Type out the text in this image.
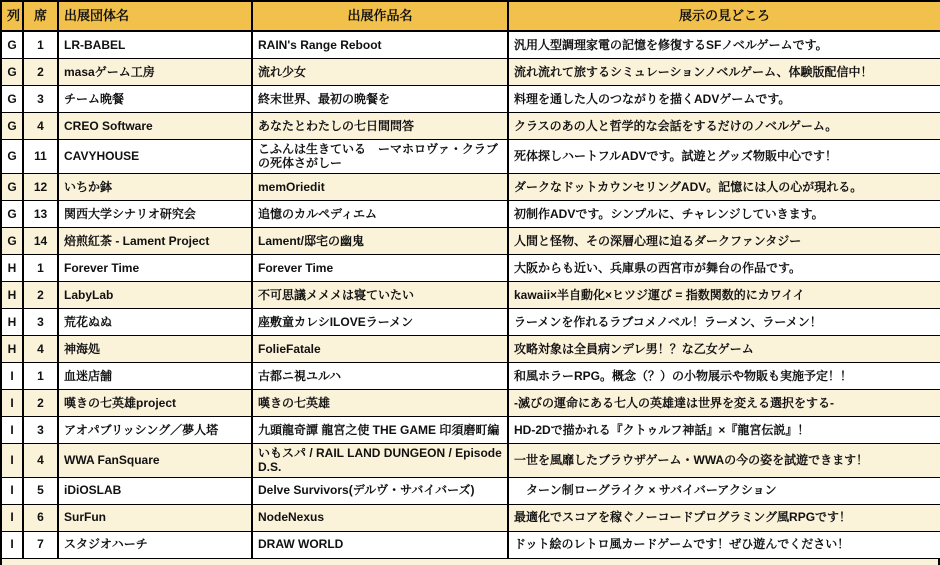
列	席	出展団体名	出展作品名	展示の見どころ
G	1	LR-BABEL	RAIN's Range Reboot	汎用人型調理家電の記憶を修復するSFノベルゲームです。
G	2	masaゲーム工房	流れ少女	流れ流れて旅するシミュレーションノベルゲーム、体験版配信中！
G	3	チーム晩餐	終末世界、最初の晩餐を	料理を通した人のつながりを描くADVゲームです。
G	4	CREO Software	あなたとわたしの七日間問答	クラスのあの人と哲学的な会話をするだけのノベルゲーム。
G	11	CAVYHOUSE	こふんは生きている　ーマホロヴァ・クラブの死体さがしー	死体探しハートフルADVです。試遊とグッズ物販中心です！
G	12	いちか鉢	memOriedit	ダークなドットカウンセリングADV。記憶には人の心が現れる。
G	13	関西大学シナリオ研究会	追憶のカルペディエム	初制作ADVです。シンプルに、チャレンジしていきます。
G	14	焙煎紅茶 - Lament Project	Lament/邸宅の幽鬼	人間と怪物、その深層心理に迫るダークファンタジー
H	1	Forever Time	Forever Time	大阪からも近い、兵庫県の西宮市が舞台の作品です。
H	2	LabyLab	不可思議メメメは寝ていたい	kawaii×半自動化×ヒツジ運び = 指数関数的にカワイイ
H	3	荒花ぬぬ	座敷童カレシILOVEラーメン	ラーメンを作れるラブコメノベル！ラーメン、ラーメン！
H	4	神海処	FolieFatale	攻略対象は全員病ンデレ男！？な乙女ゲーム
I	1	血迷店舗	古都ニ視ユルハ	和風ホラーRPG。概念（？）の小物展示や物販も実施予定！！
I	2	嘆きの七英雄project	嘆きの七英雄	-滅びの運命にある七人の英雄達は世界を変える選択をする-
I	3	アオパブリッシング／夢人塔	九頭龍奇譚 龍宮之使 THE GAME 印須磨町編	HD-2Dで描かれる『クトゥルフ神話』×『龍宮伝説』！
I	4	WWA FanSquare	いもスパ / RAIL LAND DUNGEON / Episode D.S.	一世を風靡したブラウザゲーム・WWAの今の姿を試遊できます！
I	5	iDiOSLAB	Delve Survivors(デルヴ・サバイバーズ)	　ターン制ローグライク × サバイバーアクション
I	6	SurFun	NodeNexus	最適化でスコアを稼ぐノーコードプログラミング風RPGです！
I	7	スタジオハーチ	DRAW WORLD	ドット絵のレトロ風カードゲームです！ぜひ遊んでください！
